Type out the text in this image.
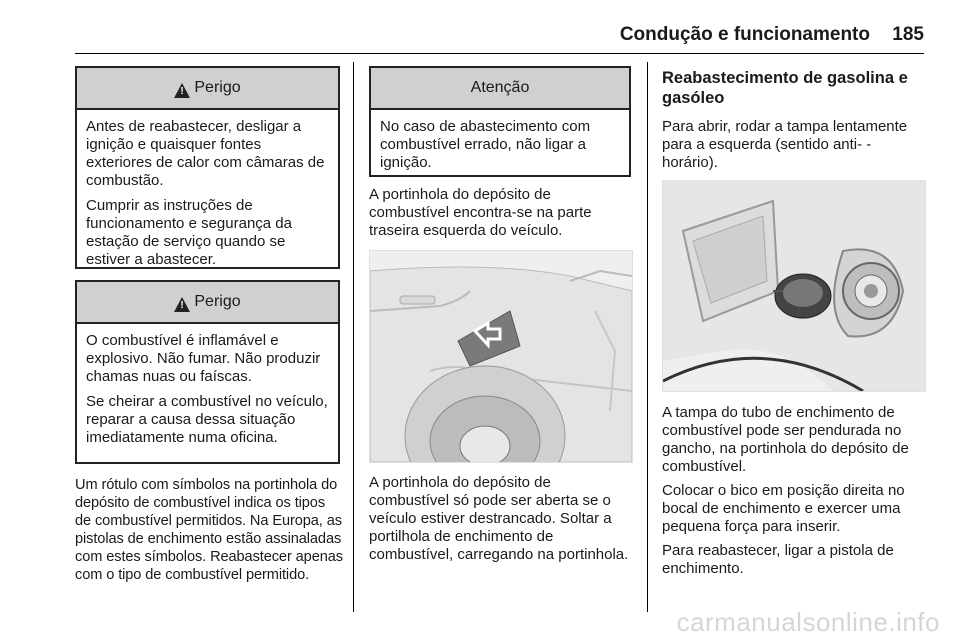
Condução e funcionamento 185
!
Perigo

Antes de reabastecer, desligar a ignição e quaisquer fontes exteriores de calor com câmaras de combustão.

Cumprir as instruções de funcionamento e segurança da estação de serviço quando se estiver a abastecer.

!
Perigo

O combustível é inflamável e explosivo. Não fumar. Não produzir chamas nuas ou faíscas.

Se cheirar a combustível no veículo, reparar a causa dessa situação imediatamente numa oficina.

Um rótulo com símbolos na portinhola do depósito de combustível indica os tipos de combustível permitidos. Na Europa, as pistolas de enchimento estão assinaladas com estes símbolos. Reabastecer apenas com o tipo de combustível permitido.
Atenção

No caso de abastecimento com combustível errado, não ligar a ignição.

A portinhola do depósito de combustível encontra-se na parte traseira esquerda do veículo.
A portinhola do depósito de combustível só pode ser aberta se o veículo estiver destrancado. Soltar a portilhola de enchimento de combustível, carregando na portinhola.
Reabastecimento de gasolina e gasóleo
Para abrir, rodar a tampa lentamente para a esquerda (sentido anti- -horário).

A tampa do tubo de enchimento de combustível pode ser pendurada no gancho, na portinhola do depósito de combustível.

Colocar o bico em posição direita no bocal de enchimento e exercer uma pequena força para inserir.

Para reabastecer, ligar a pistola de enchimento.

carmanualsonline.info
